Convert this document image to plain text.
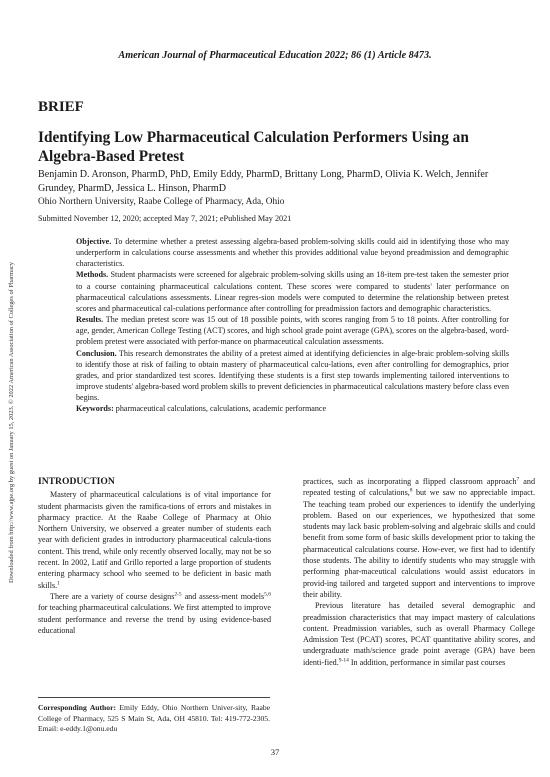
American Journal of Pharmaceutical Education 2022; 86 (1) Article 8473.
BRIEF
Identifying Low Pharmaceutical Calculation Performers Using an Algebra-Based Pretest
Benjamin D. Aronson, PharmD, PhD, Emily Eddy, PharmD, Brittany Long, PharmD, Olivia K. Welch, Jennifer Grundey, PharmD, Jessica L. Hinson, PharmD
Ohio Northern University, Raabe College of Pharmacy, Ada, Ohio
Submitted November 12, 2020; accepted May 7, 2021; ePublished May 2021

Objective. To determine whether a pretest assessing algebra-based problem-solving skills could aid in identifying those who may underperform in calculations course assessments and whether this provides additional value beyond preadmission and demographic characteristics.

Methods. Student pharmacists were screened for algebraic problem-solving skills using an 18-item pre-test taken the semester prior to a course containing pharmaceutical calculations content. These scores were compared to students' later performance on pharmaceutical calculations assessments. Linear regres-sion models were computed to determine the relationship between pretest scores and pharmaceutical cal-culations performance after controlling for preadmission factors and demographic characteristics.

Results. The median pretest score was 15 out of 18 possible points, with scores ranging from 5 to 18 points. After controlling for age, gender, American College Testing (ACT) scores, and high school grade point average (GPA), scores on the algebra-based, word-problem pretest were associated with perfor-mance on pharmaceutical calculation assessments.

Conclusion. This research demonstrates the ability of a pretest aimed at identifying deficiencies in alge-braic problem-solving skills to identify those at risk of failing to obtain mastery of pharmaceutical calcu-lations, even after controlling for demographics, prior grades, and prior standardized test scores. Identifying these students is a first step towards implementing tailored interventions to improve students' algebra-based word problem skills to prevent deficiencies in pharmaceutical calculations mastery before class even begins.

Keywords: pharmaceutical calculations, calculations, academic performance

Downloaded from http://www.ajpe.org by guest on January 15, 2023. © 2022 American Association of Colleges of Pharmacy INTRODUCTION

Mastery of pharmaceutical calculations is of vital importance for student pharmacists given the ramifica-tions of errors and mistakes in pharmacy practice. At the Raabe College of Pharmacy at Ohio Northern University, we observed a greater number of students each year with deficient grades in introductory pharmaceutical calcula-tions content. This trend, while only recently observed locally, may not be so recent. In 2002, Latif and Grillo reported a large proportion of students entering pharmacy school who seemed to be deficient in basic math skills.$^1$

There are a variety of course designs$^{2-5}$ and assess-ment models$^{5,6}$ for teaching pharmaceutical calculations. We first attempted to improve student performance and reverse the trend by using evidence-based educational

Corresponding Author: Emily Eddy, Ohio Northern Univer-sity, Raabe College of Pharmacy, 525 S Main St, Ada, OH 45810. Tel: 419-772-2305. Email: e-eddy.1@onu.edu

practices, such as incorporating a flipped classroom approach$^7$ and repeated testing of calculations,$^8$ but we saw no appreciable impact. The teaching team probed our experiences to identify the underlying problem. Based on our experiences, we hypothesized that some students may lack basic problem-solving and algebraic skills and could benefit from some form of basic skills development prior to taking the pharmaceutical calculations course. How-ever, we first had to identify those students. The ability to identify students who may struggle with performing phar-maceutical calculations would assist educators in provid-ing tailored and targeted support and interventions to improve their ability.

Previous literature has detailed several demographic and preadmission characteristics that may impact mastery of calculations content. Preadmission variables, such as overall Pharmacy College Admission Test (PCAT) scores, PCAT quantitative ability scores, and undergraduate math/science grade point average (GPA) have been identi-fied.$^{9-14}$ In addition, performance in similar past courses

37
